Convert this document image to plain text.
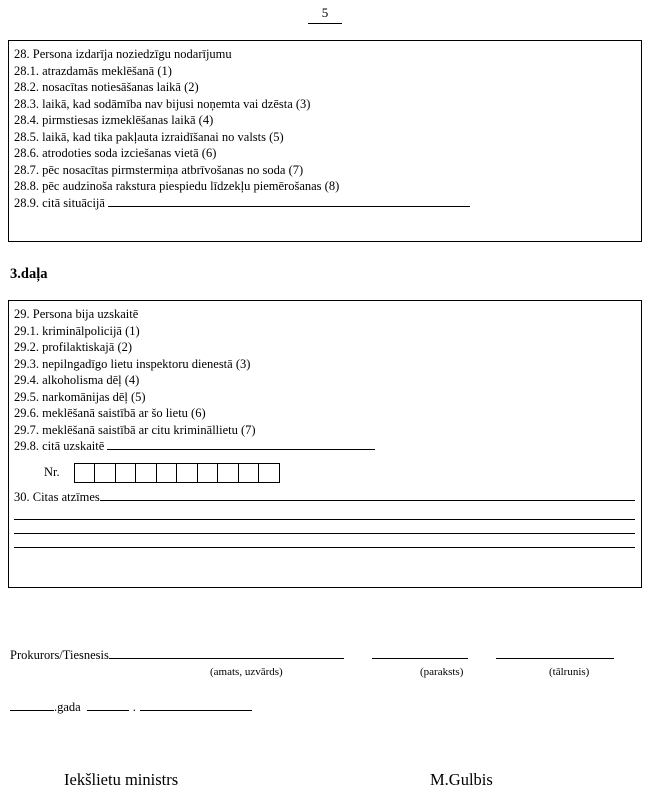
5
28. Persona izdarīja noziedzīgu nodarījumu
28.1. atrazdamās meklēšanā (1)
28.2. nosacītas notiesāšanas laikā (2)
28.3. laikā, kad sodāmība nav bijusi noņemta vai dzēsta (3)
28.4. pirmstiesas izmeklēšanas laikā (4)
28.5. laikā, kad tika pakļauta izraidīšanai no valsts (5)
28.6. atrodoties soda izciešanas vietā (6)
28.7. pēc nosacītas pirmstermiņa atbrīvošanas no soda (7)
28.8. pēc audzinoša rakstura piespiedu līdzekļu piemērošanas (8)
28.9. citā situācijā
3.daļa
29. Persona bija uzskaitē
29.1. kriminālpolicijā (1)
29.2. profilaktiskajā (2)
29.3. nepilngadīgo lietu inspektoru dienestā (3)
29.4. alkoholisma dēļ (4)
29.5. narkomānijas dēļ (5)
29.6. meklēšanā saistībā ar šo lietu (6)
29.7. meklēšanā saistībā ar citu krimināllietu (7)
29.8. citā uzskaitē
Nr.
30. Citas atzīmes
Prokurors/Tiesnesis
(amats, uzvārds)	(paraksts)	(tālrunis)
.gada	.
Iekšlietu ministrs	M.Gulbis
